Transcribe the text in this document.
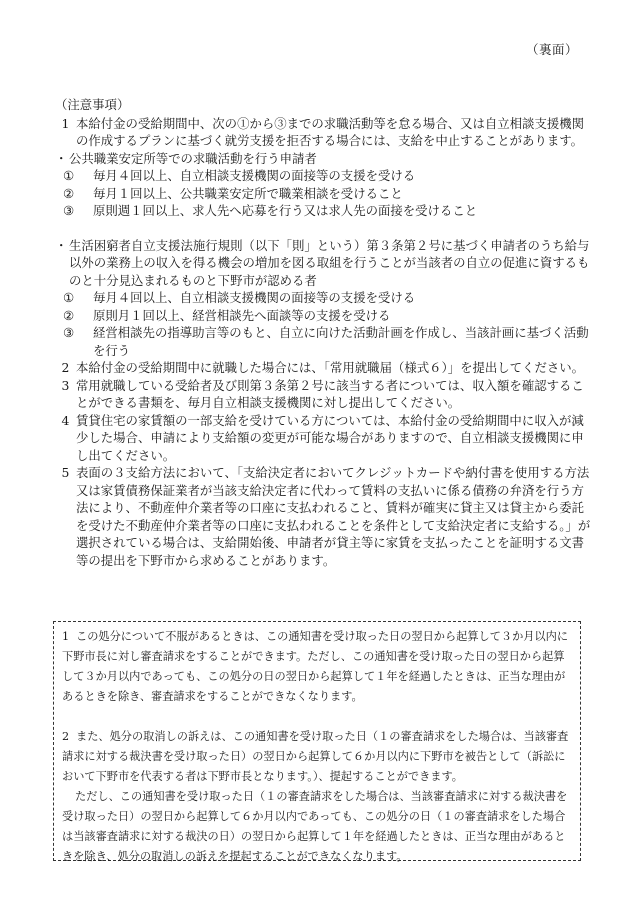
（裏面）

（注意事項）

1 本給付金の受給期間中、次の①から③までの求職活動等を怠る場合、又は自立相談支援機関の作成するプランに基づく就労支援を拒否する場合には、支給を中止することがあります。

・ 公共職業安定所等での求職活動を行う申請者

① 毎月４回以上、自立相談支援機関の面接等の支援を受ける

② 毎月１回以上、公共職業安定所で職業相談を受けること

③ 原則週１回以上、求人先へ応募を行う又は求人先の面接を受けること

・ 生活困窮者自立支援法施行規則（以下「則」という）第３条第２号に基づく申請者のうち給与以外の業務上の収入を得る機会の増加を図る取組を行うことが当該者の自立の促進に資するものと十分見込まれるものと下野市が認める者

① 毎月４回以上、自立相談支援機関の面接等の支援を受ける

② 原則月１回以上、経営相談先へ面談等の支援を受ける

③ 経営相談先の指導助言等のもと、自立に向けた活動計画を作成し、当該計画に基づく活動を行う

2 本給付金の受給期間中に就職した場合には、「常用就職届（様式６）」を提出してください。

3 常用就職している受給者及び則第３条第２号に該当する者については、収入額を確認することができる書類を、毎月自立相談支援機関に対し提出してください。

4 賃貸住宅の家賃額の一部支給を受けている方については、本給付金の受給期間中に収入が減少した場合、申請により支給額の変更が可能な場合がありますので、自立相談支援機関に申し出てください。

5 表面の３支給方法において、「支給決定者においてクレジットカードや納付書を使用する方法又は家賃債務保証業者が当該支給決定者に代わって賃料の支払いに係る債務の弁済を行う方法により、不動産仲介業者等の口座に支払われること、賃料が確実に貸主又は貸主から委託を受けた不動産仲介業者等の口座に支払われることを条件として支給決定者に支給する。」が選択されている場合は、支給開始後、申請者が貸主等に家賃を支払ったことを証明する文書等の提出を下野市から求めることがあります。

1 この処分について不服があるときは、この通知書を受け取った日の翌日から起算して３か月以内に下野市長に対し審査請求をすることができます。ただし、この通知書を受け取った日の翌日から起算して３か月以内であっても、この処分の日の翌日から起算して１年を経過したときは、正当な理由があるときを除き、審査請求をすることができなくなります。

2 また、処分の取消しの訴えは、この通知書を受け取った日（１の審査請求をした場合は、当該審査請求に対する裁決書を受け取った日）の翌日から起算して６か月以内に下野市を被告として（訴訟において下野市を代表する者は下野市長となります。）、提起することができます。

ただし、この通知書を受け取った日（１の審査請求をした場合は、当該審査請求に対する裁決書を受け取った日）の翌日から起算して６か月以内であっても、この処分の日（１の審査請求をした場合は当該審査請求に対する裁決の日）の翌日から起算して１年を経過したときは、正当な理由があるときを除き、処分の取消しの訴えを提起することができなくなります。
